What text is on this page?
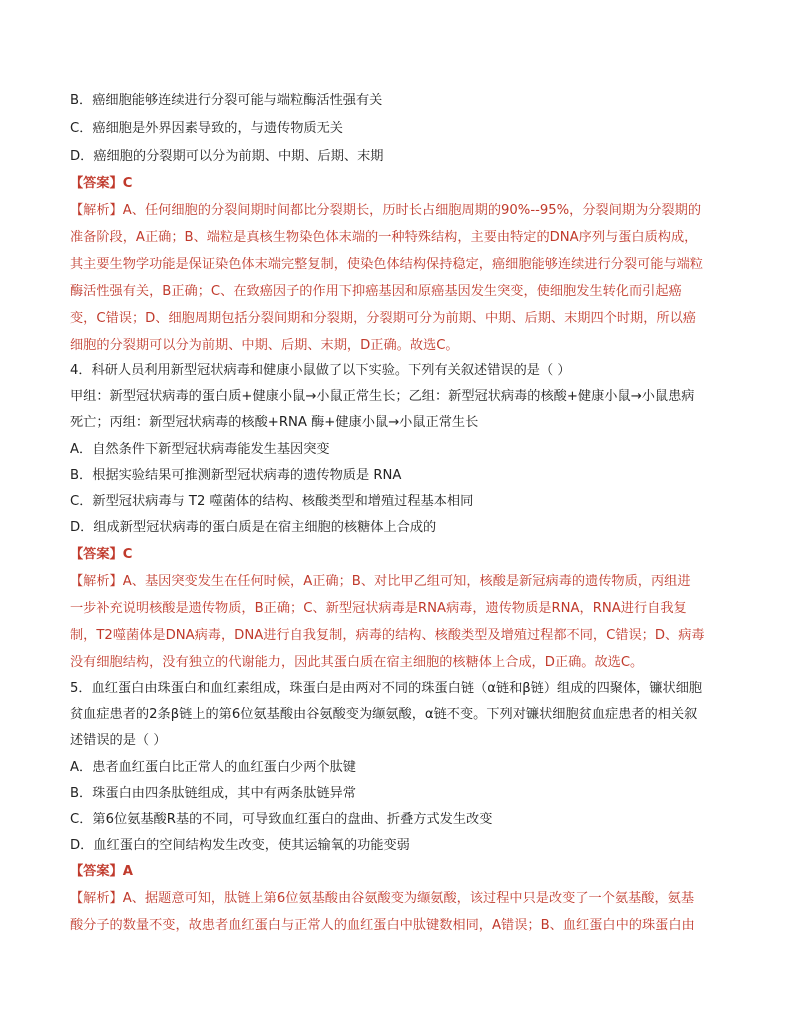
B．癌细胞能够连续进行分裂可能与端粒酶活性强有关
C．癌细胞是外界因素导致的，与遗传物质无关
D．癌细胞的分裂期可以分为前期、中期、后期、末期
【答案】C
【解析】A、任何细胞的分裂间期时间都比分裂期长，历时长占细胞周期的90%--95%，分裂间期为分裂期的
准备阶段，A正确；B、端粒是真核生物染色体末端的一种特殊结构，主要由特定的DNA序列与蛋白质构成，
其主要生物学功能是保证染色体末端完整复制，使染色体结构保持稳定，癌细胞能够连续进行分裂可能与端粒
酶活性强有关，B正确；C、在致癌因子的作用下抑癌基因和原癌基因发生突变，使细胞发生转化而引起癌
变，C错误；D、细胞周期包括分裂间期和分裂期，分裂期可分为前期、中期、后期、末期四个时期，所以癌
细胞的分裂期可以分为前期、中期、后期、末期，D正确。故选C。
4．科研人员利用新型冠状病毒和健康小鼠做了以下实验。下列有关叙述错误的是（ ）
甲组：新型冠状病毒的蛋白质+健康小鼠→小鼠正常生长；乙组：新型冠状病毒的核酸+健康小鼠→小鼠患病
死亡；丙组：新型冠状病毒的核酸+RNA 酶+健康小鼠→小鼠正常生长
A．自然条件下新型冠状病毒能发生基因突变
B．根据实验结果可推测新型冠状病毒的遗传物质是 RNA
C．新型冠状病毒与 T2 噬菌体的结构、核酸类型和增殖过程基本相同
D．组成新型冠状病毒的蛋白质是在宿主细胞的核糖体上合成的
【答案】C
【解析】A、基因突变发生在任何时候，A正确；B、对比甲乙组可知，核酸是新冠病毒的遗传物质，丙组进
一步补充说明核酸是遗传物质，B正确；C、新型冠状病毒是RNA病毒，遗传物质是RNA，RNA进行自我复
制，T2噬菌体是DNA病毒，DNA进行自我复制，病毒的结构、核酸类型及增殖过程都不同，C错误；D、病毒
没有细胞结构，没有独立的代谢能力，因此其蛋白质在宿主细胞的核糖体上合成，D正确。故选C。
5．血红蛋白由珠蛋白和血红素组成，珠蛋白是由两对不同的珠蛋白链（α链和β链）组成的四聚体，镰状细胞
贫血症患者的2条β链上的第6位氨基酸由谷氨酸变为缬氨酸，α链不变。下列对镰状细胞贫血症患者的相关叙
述错误的是（ ）
A．患者血红蛋白比正常人的血红蛋白少两个肽键
B．珠蛋白由四条肽链组成，其中有两条肽链异常
C．第6位氨基酸R基的不同，可导致血红蛋白的盘曲、折叠方式发生改变
D．血红蛋白的空间结构发生改变，使其运输氧的功能变弱
【答案】A
【解析】A、据题意可知，肽链上第6位氨基酸由谷氨酸变为缬氨酸，该过程中只是改变了一个氨基酸，氨基
酸分子的数量不变，故患者血红蛋白与正常人的血红蛋白中肽键数相同，A错误；B、血红蛋白中的珠蛋白由
